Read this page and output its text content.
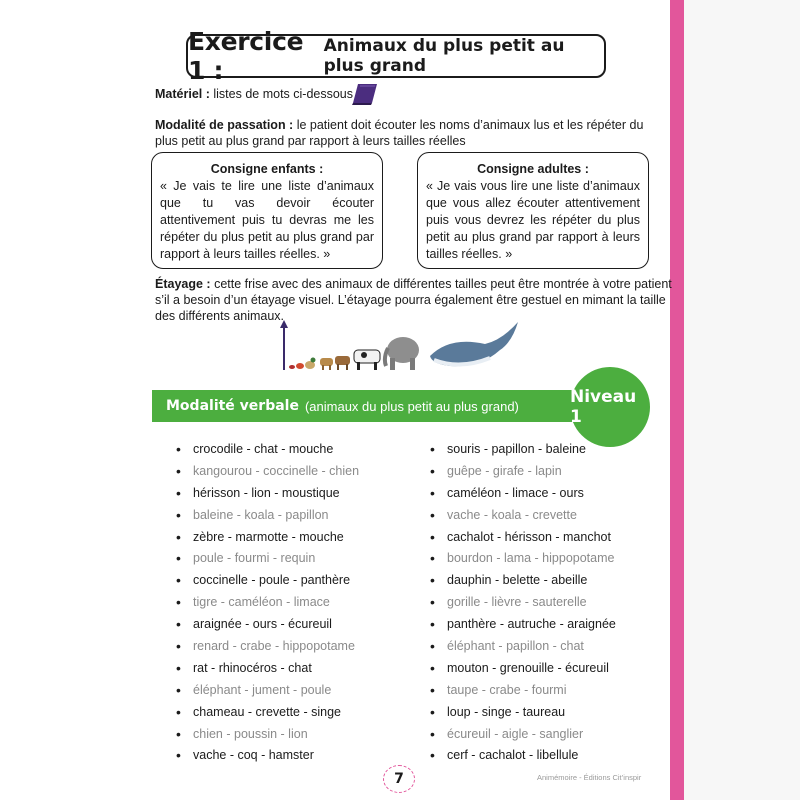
Exercice 1 :
Animaux du plus petit au plus grand
Matériel : listes de mots ci-dessous
Modalité de passation : le patient doit écouter les noms d’animaux lus et les répéter du
plus petit au plus grand par rapport à leurs tailles réelles
Consigne enfants :
« Je vais te lire une liste d’animaux que tu vas devoir écouter attentivement puis tu devras me les répéter du plus petit au plus grand par rapport à leurs tailles réelles. »
Consigne adultes :
« Je vais vous lire une liste d’animaux que vous allez écouter attentivement puis vous devrez les répéter du plus petit au plus grand par rapport à leurs tailles réelles. »
Étayage : cette frise avec des animaux de différentes tailles peut être montrée à votre patient
s’il a besoin d’un étayage visuel. L’étayage pourra également être gestuel en mimant la taille
des différents animaux.
Modalité verbale (animaux du plus petit au plus grand)	Niveau 1
• crocodile - chat - mouche
• kangourou - coccinelle - chien
• hérisson - lion - moustique
• baleine - koala - papillon
• zèbre - marmotte - mouche
• poule - fourmi - requin
• coccinelle - poule - panthère
• tigre - caméléon - limace
• araignée - ours - écureuil
• renard - crabe - hippopotame
• rat - rhinocéros - chat
• éléphant - jument - poule
• chameau - crevette - singe
• chien - poussin - lion
• vache - coq - hamster
• souris - papillon - baleine
• guêpe - girafe - lapin
• caméléon - limace - ours
• vache - koala - crevette
• cachalot - hérisson - manchot
• bourdon - lama - hippopotame
• dauphin - belette - abeille
• gorille - lièvre - sauterelle
• panthère - autruche - araignée
• éléphant - papillon - chat
• mouton - grenouille - écureuil
• taupe - crabe - fourmi
• loup - singe - taureau
• écureuil - aigle - sanglier
• cerf - cachalot - libellule
7	Animémoire - Éditions Cit’inspir
